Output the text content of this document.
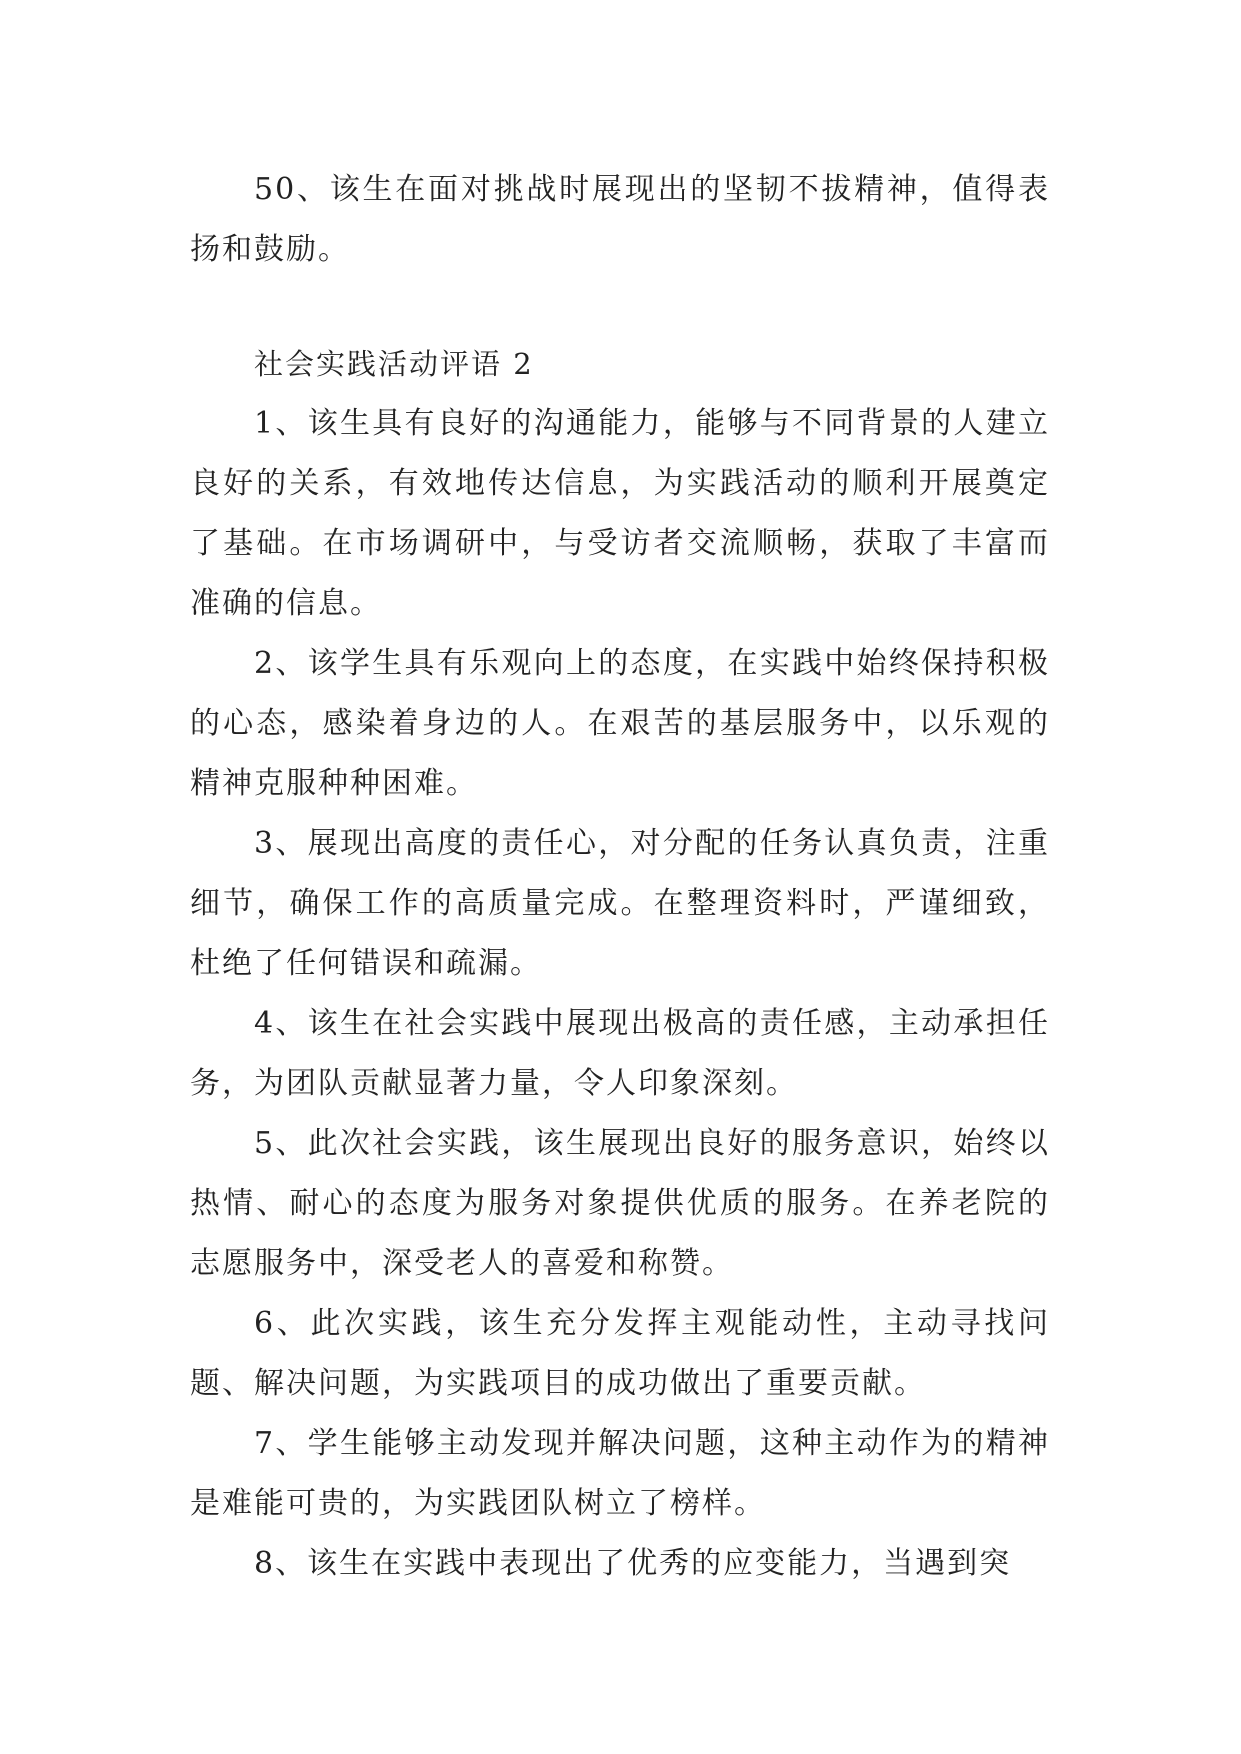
50、该生在面对挑战时展现出的坚韧不拔精神，值得表扬和鼓励。

社会实践活动评语 2

1、该生具有良好的沟通能力，能够与不同背景的人建立良好的关系，有效地传达信息，为实践活动的顺利开展奠定了基础。在市场调研中，与受访者交流顺畅，获取了丰富而准确的信息。

2、该学生具有乐观向上的态度，在实践中始终保持积极的心态，感染着身边的人。在艰苦的基层服务中，以乐观的精神克服种种困难。

3、展现出高度的责任心，对分配的任务认真负责，注重细节，确保工作的高质量完成。在整理资料时，严谨细致，杜绝了任何错误和疏漏。

4、该生在社会实践中展现出极高的责任感，主动承担任务，为团队贡献显著力量，令人印象深刻。

5、此次社会实践，该生展现出良好的服务意识，始终以热情、耐心的态度为服务对象提供优质的服务。在养老院的志愿服务中，深受老人的喜爱和称赞。

6、此次实践，该生充分发挥主观能动性，主动寻找问题、解决问题，为实践项目的成功做出了重要贡献。

7、学生能够主动发现并解决问题，这种主动作为的精神是难能可贵的，为实践团队树立了榜样。

8、该生在实践中表现出了优秀的应变能力，当遇到突
